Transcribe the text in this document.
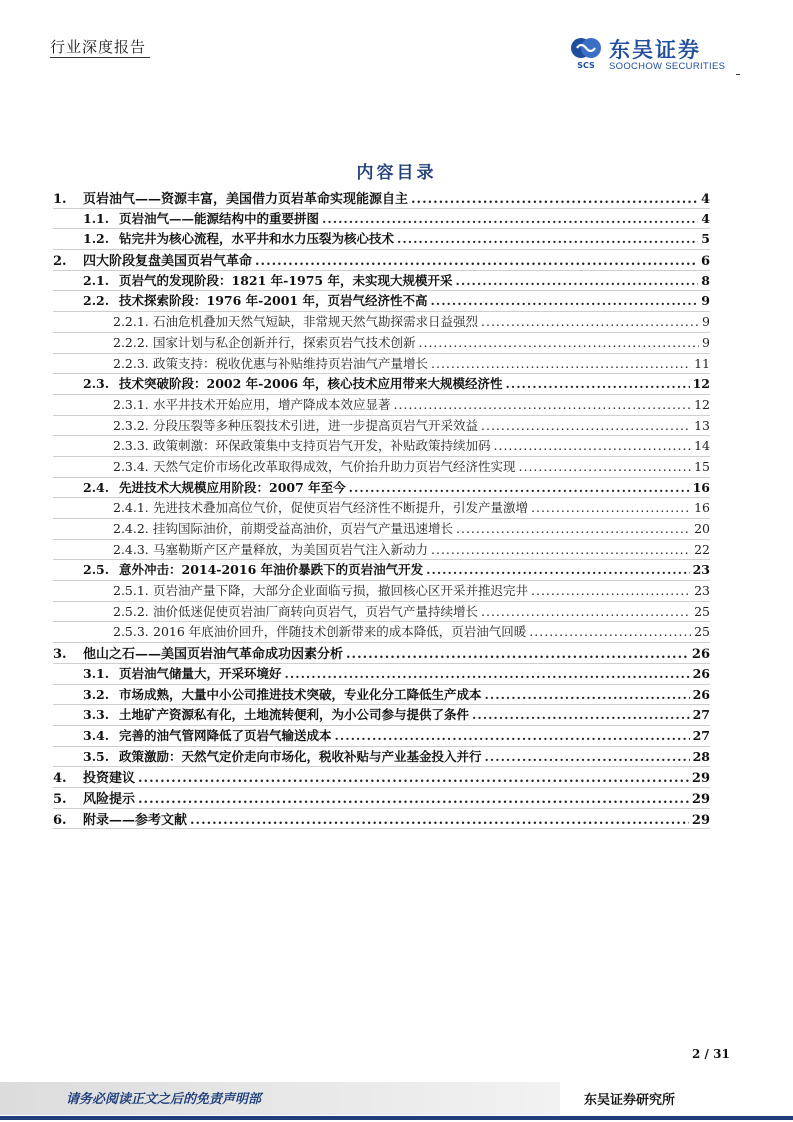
行业深度报告
SCS
东吴证券
SOOCHOW SECURITIES
内容目录
1.	页岩油气——资源丰富，美国借力页岩革命实现能源自主 .....	4
1.1. 页岩油气——能源结构中的重要拼图 .....	4
1.2. 钻完井为核心流程，水平井和水力压裂为核心技术 .....	5
2.	四大阶段复盘美国页岩气革命 .....	6
2.1. 页岩气的发现阶段：1821 年-1975 年，未实现大规模开采 .....	8
2.2. 技术探索阶段：1976 年-2001 年，页岩气经济性不高 .....	9
2.2.1. 石油危机叠加天然气短缺，非常规天然气勘探需求日益强烈 .....	9
2.2.2. 国家计划与私企创新并行，探索页岩气技术创新 .....	9
2.2.3. 政策支持：税收优惠与补贴维持页岩油气产量增长 .....	11
2.3. 技术突破阶段：2002 年-2006 年，核心技术应用带来大规模经济性 .....	12
2.3.1. 水平井技术开始应用，增产降成本效应显著 .....	12
2.3.2. 分段压裂等多种压裂技术引进，进一步提高页岩气开采效益 .....	13
2.3.3. 政策刺激：环保政策集中支持页岩气开发，补贴政策持续加码 .....	14
2.3.4. 天然气定价市场化改革取得成效，气价抬升助力页岩气经济性实现 .....	15
2.4. 先进技术大规模应用阶段：2007 年至今 .....	16
2.4.1. 先进技术叠加高位气价，促使页岩气经济性不断提升，引发产量激增 .....	16
2.4.2. 挂钩国际油价，前期受益高油价，页岩气产量迅速增长 .....	20
2.4.3. 马塞勒斯产区产量释放，为美国页岩气注入新动力 .....	22
2.5. 意外冲击：2014-2016 年油价暴跌下的页岩油气开发 .....	23
2.5.1. 页岩油产量下降，大部分企业面临亏损，撤回核心区开采并推迟完井 .....	23
2.5.2. 油价低迷促使页岩油厂商转向页岩气，页岩气产量持续增长 .....	25
2.5.3. 2016 年底油价回升，伴随技术创新带来的成本降低，页岩油气回暖 .....	25
3.	他山之石——美国页岩油气革命成功因素分析 .....	26
3.1. 页岩油气储量大，开采环境好 .....	26
3.2. 市场成熟，大量中小公司推进技术突破，专业化分工降低生产成本 .....	26
3.3. 土地矿产资源私有化，土地流转便利，为小公司参与提供了条件 .....	27
3.4. 完善的油气管网降低了页岩气输送成本 .....	27
3.5. 政策激励：天然气定价走向市场化，税收补贴与产业基金投入并行 .....	28
4.	投资建议 .....	29
5.	风险提示 .....	29
6.	附录——参考文献 .....	29
2 / 31
请务必阅读正文之后的免责声明部	东吴证券研究所
